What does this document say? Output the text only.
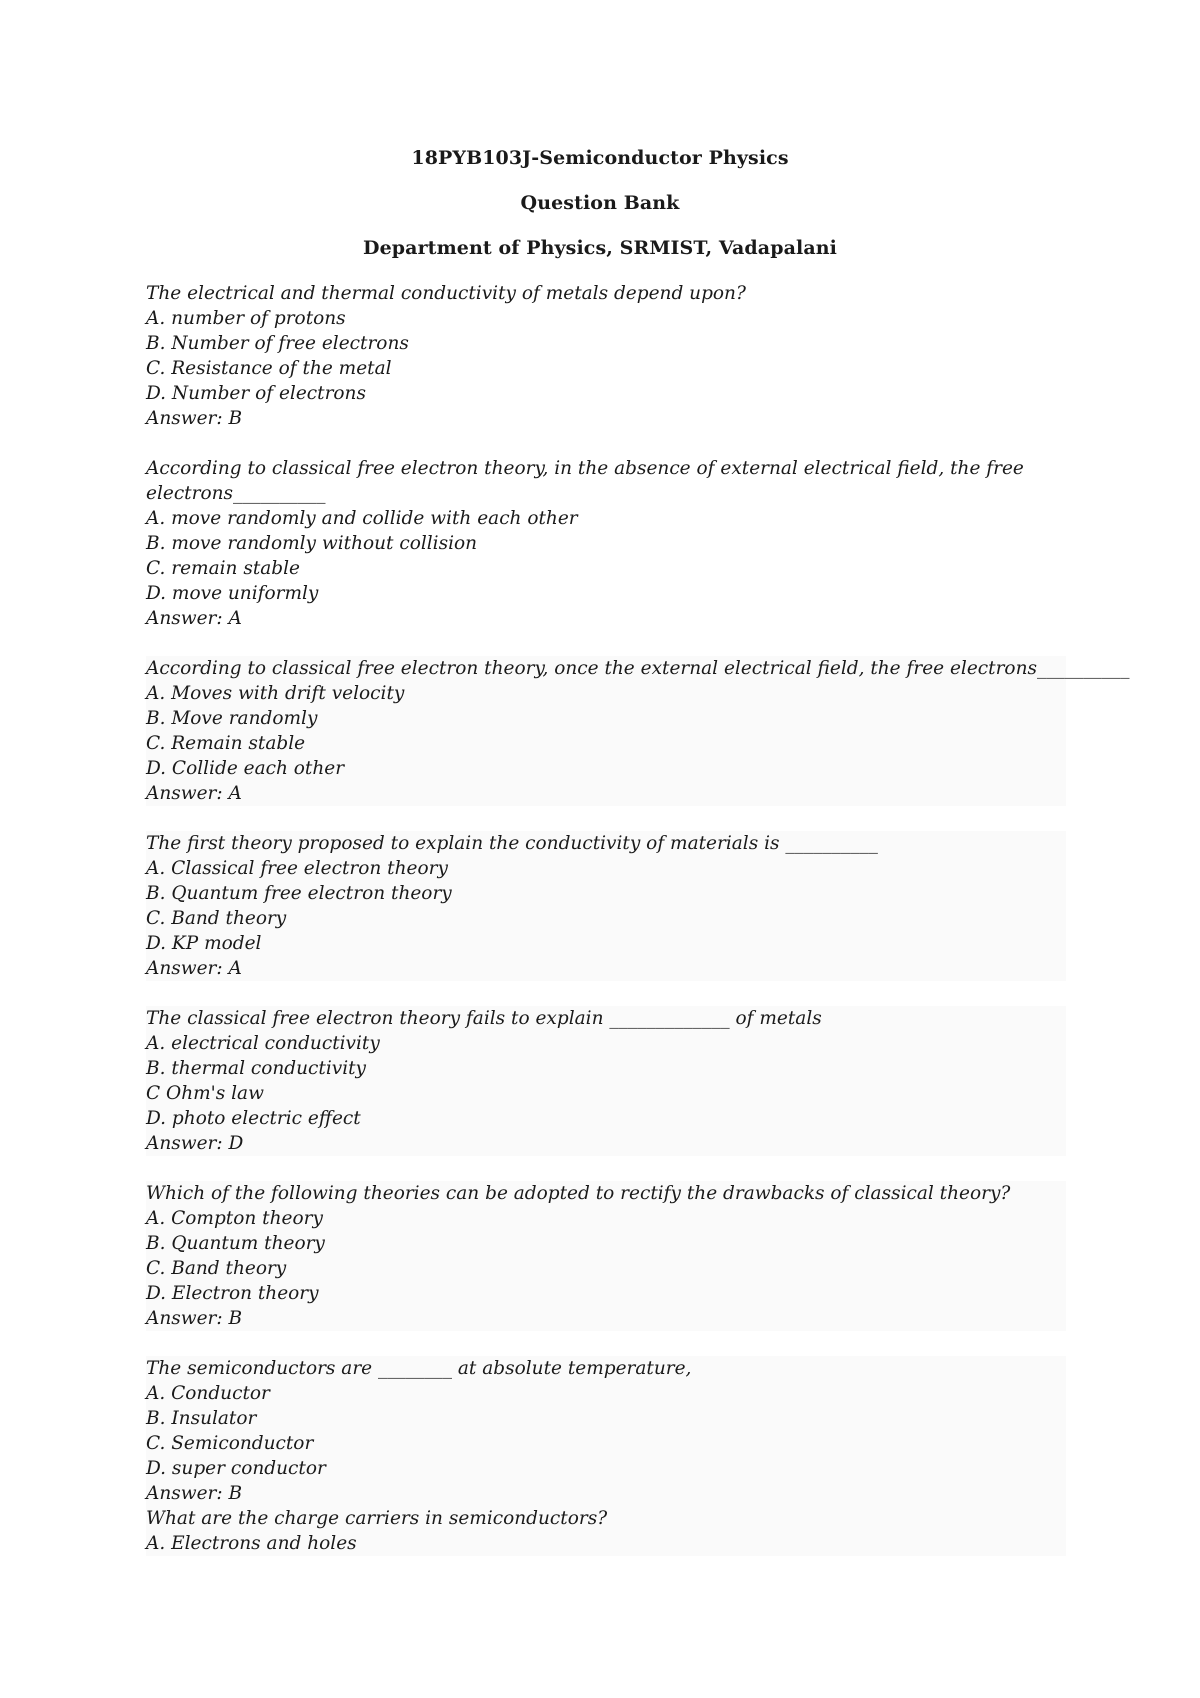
18PYB103J-Semiconductor Physics
Question Bank
Department of Physics, SRMIST, Vadapalani
The electrical and thermal conductivity of metals depend upon?
A. number of protons
B. Number of free electrons
C. Resistance of the metal
D. Number of electrons
Answer: B
According to classical free electron theory, in the absence of external electrical field, the free
electrons__________
A. move randomly and collide with each other
B. move randomly without collision
C. remain stable
D. move uniformly
Answer: A
According to classical free electron theory, once the external electrical field, the free electrons__________
A. Moves with drift velocity
B. Move randomly
C. Remain stable
D. Collide each other
Answer: A
The first theory proposed to explain the conductivity of materials is __________
A. Classical free electron theory
B. Quantum free electron theory
C. Band theory
D. KP model
Answer: A
The classical free electron theory fails to explain _____________ of metals
A. electrical conductivity
B. thermal conductivity
C Ohm's law
D. photo electric effect
Answer: D
Which of the following theories can be adopted to rectify the drawbacks of classical theory?
A. Compton theory
B. Quantum theory
C. Band theory
D. Electron theory
Answer: B
The semiconductors are ________ at absolute temperature,
A. Conductor
B. Insulator
C. Semiconductor
D. super conductor
Answer: B
What are the charge carriers in semiconductors?
A. Electrons and holes
